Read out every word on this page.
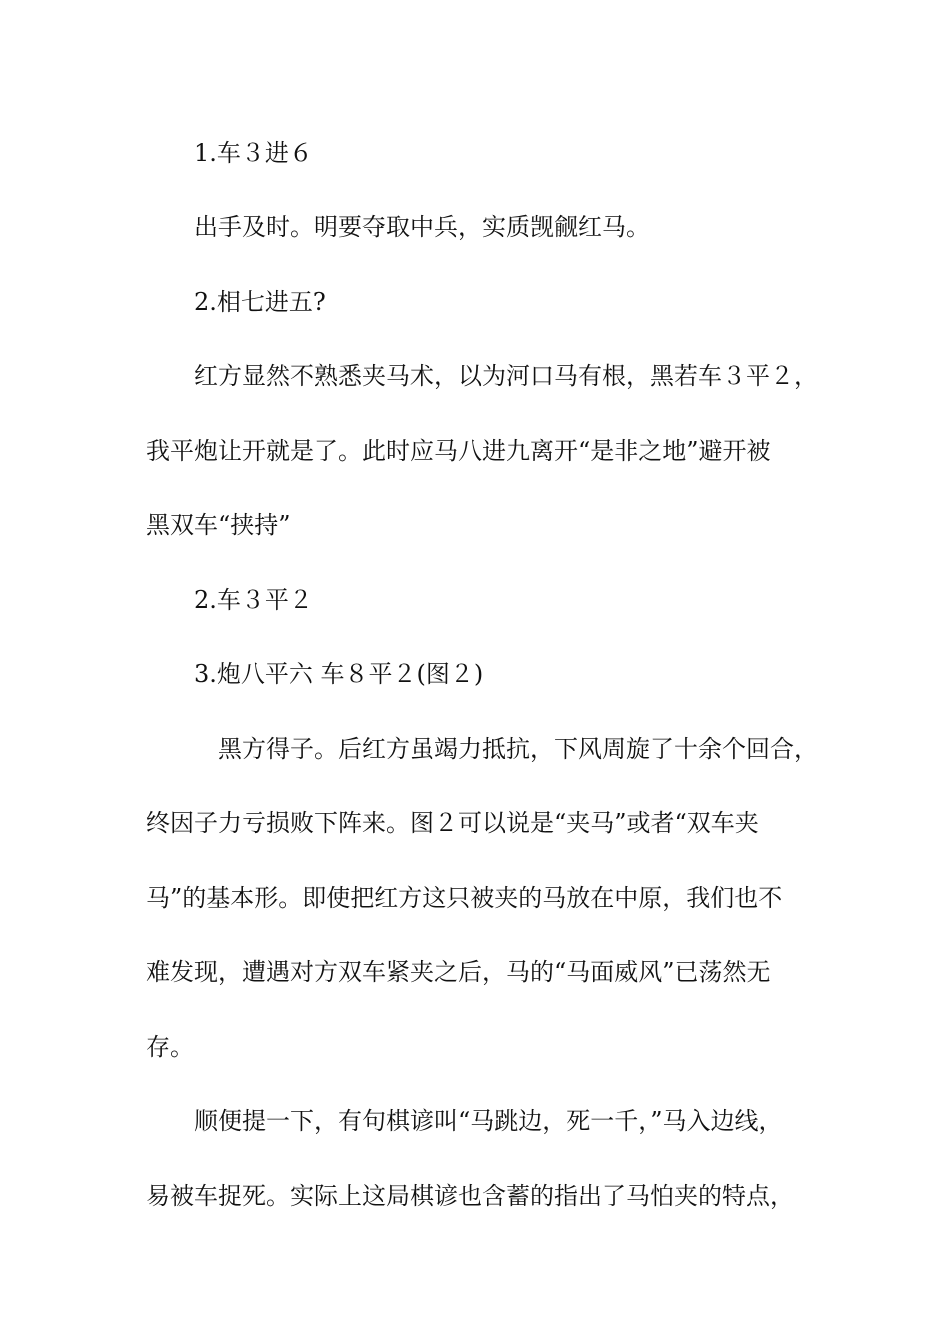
1.车３进６
出手及时。明要夺取中兵，实质觊觎红马。
2.相七进五?
红方显然不熟悉夹马术，以为河口马有根，黑若车３平２，
我平炮让开就是了。此时应马八进九离开“是非之地”避开被
黑双车“挟持”
2.车３平２
3.炮八平六 车８平２(图２)
黑方得子。后红方虽竭力抵抗，下风周旋了十余个回合，
终因子力亏损败下阵来。图２可以说是“夹马”或者“双车夹
马”的基本形。即使把红方这只被夹的马放在中原，我们也不
难发现，遭遇对方双车紧夹之后，马的“马面威风”已荡然无
存。
顺便提一下，有句棋谚叫“马跳边，死一千，”马入边线，
易被车捉死。实际上这局棋谚也含蓄的指出了马怕夹的特点，
